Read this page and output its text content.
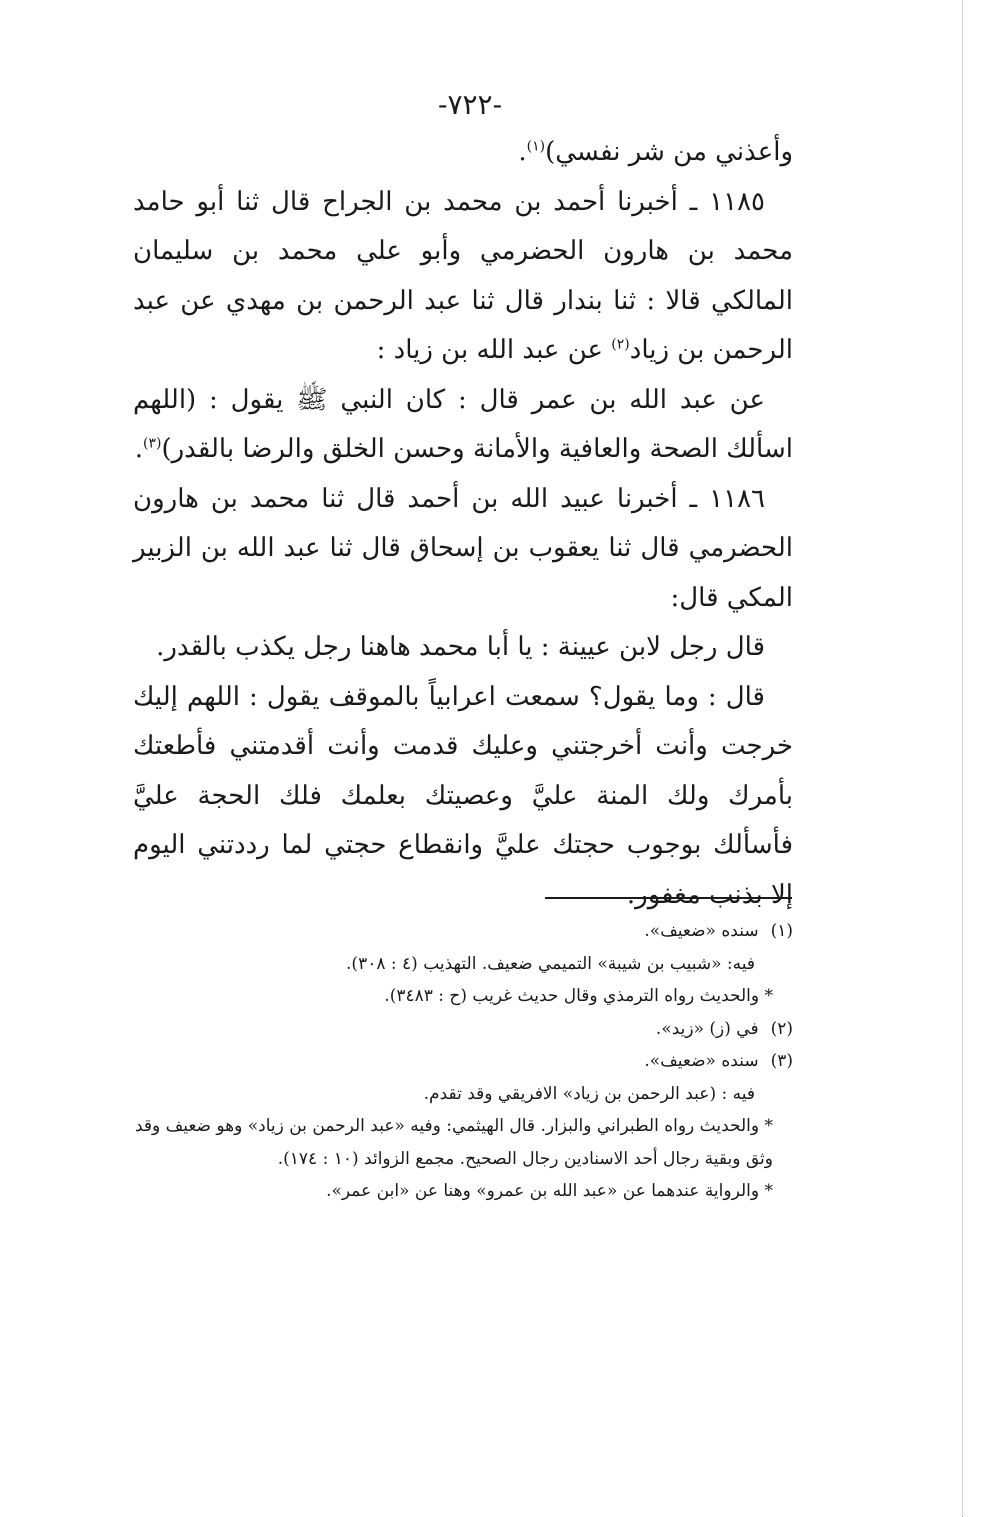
-٧٢٢-

وأعذني من شر نفسي)$^{(١)}$.

١١٨٥ ـ أخبرنا أحمد بن محمد بن الجراح قال ثنا أبو حامد محمد بن هارون الحضرمي وأبو علي محمد بن سليمان المالكي قالا : ثنا بندار قال ثنا عبد الرحمن بن مهدي عن عبد الرحمن بن زياد$^{(٢)}$ عن عبد الله بن زياد :

عن عبد الله بن عمر قال : كان النبي ﷺ يقول : (اللهم اسألك الصحة والعافية والأمانة وحسن الخلق والرضا بالقدر)$^{(٣)}$.

١١٨٦ ـ أخبرنا عبيد الله بن أحمد قال ثنا محمد بن هارون الحضرمي قال ثنا يعقوب بن إسحاق قال ثنا عبد الله بن الزبير المكي قال:

قال رجل لابن عيينة : يا أبا محمد هاهنا رجل يكذب بالقدر.

قال : وما يقول؟ سمعت اعرابياً بالموقف يقول : اللهم إليك خرجت وأنت أخرجتني وعليك قدمت وأنت أقدمتني فأطعتك بأمرك ولك المنة عليَّ وعصيتك بعلمك فلك الحجة عليَّ فأسألك بوجوب حجتك عليَّ وانقطاع حجتي لما رددتني اليوم إلا بذنب مغفور.

(١)سنده «ضعيف».

فيه: «شبيب بن شيبة» التميمي ضعيف. التهذيب (٤ : ٣٠٨).

* والحديث رواه الترمذي وقال حديث غريب (ح : ٣٤٨٣).

(٢)في (ز) «زيد».

(٣)سنده «ضعيف».

فيه : (عبد الرحمن بن زياد» الافريقي وقد تقدم.

* والحديث رواه الطبراني والبزار. قال الهيثمي: وفيه «عبد الرحمن بن زياد» وهو ضعيف وقد وثق وبقية رجال أحد الاسنادين رجال الصحيح. مجمع الزوائد (١٠ : ١٧٤).

* والرواية عندهما عن «عبد الله بن عمرو» وهنا عن «ابن عمر».
